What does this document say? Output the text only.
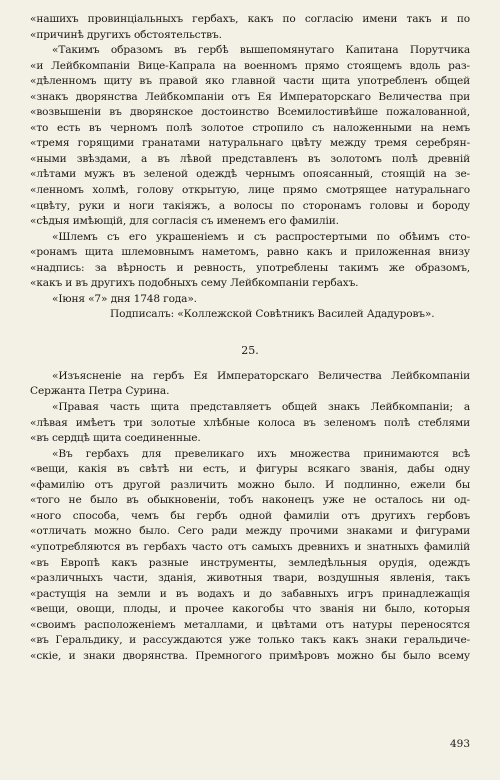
«нашихъ провинціальныхъ гербахъ, какъ по согласію имени такъ и по
«причинѣ другихъ обстоятельствъ.
«Такимъ образомъ въ гербѣ вышепомянутаго Капитана Порутчика
«и Лейбкомпаніи Вице-Капрала на военномъ прямо стоящемъ вдоль раз-
«дѣленномъ щиту въ правой яко главной части щита употребленъ общей
«знакъ дворянства Лейбкомпаніи отъ Ея Императорскаго Величества при
«возвышеніи въ дворянское достоинство Всемилостивѣйше пожалованной,
«то есть въ черномъ полѣ золотое стропило съ наложенными на немъ
«тремя горящими гранатами натуральнаго цвѣту между тремя серебрян-
«ными звѣздами, а въ лѣвой представленъ въ золотомъ полѣ древній
«лѣтами мужъ въ зеленой одеждѣ чернымъ опоясанный, стоящій на зе-
«ленномъ холмѣ, голову открытую, лице прямо смотрящее натуральнаго
«цвѣту, руки и ноги такіяжъ, а волосы по сторонамъ головы и бороду
«сѣдыя имѣющій, для согласія съ именемъ его фамиліи.
«Шлемъ съ его украшеніемъ и съ распростертыми по обѣимъ сто-
«ронамъ щита шлемовнымъ наметомъ, равно какъ и приложенная внизу
«надпись: за вѣрность и ревность, употреблены такимъ же образомъ,
«какъ и въ другихъ подобныхъ сему Лейбкомпаніи гербахъ.
«Іюня «7» дня 1748 года».
Подписалъ: «Коллежской Совѣтникъ Василей Ададуровъ».
25.
«Изъясненіе на гербъ Ея Императорскаго Величества Лейбкомпаніи
Сержанта Петра Сурина.
«Правая часть щита представляетъ общей знакъ Лейбкомпаніи; а
«лѣвая имѣетъ три золотые хлѣбные колоса въ зеленомъ полѣ стеблями
«въ сердцѣ щита соединенные.
«Въ гербахъ для превеликаго ихъ множества принимаются всѣ
«вещи, какія въ свѣтѣ ни есть, и фигуры всякаго званія, дабы одну
«фамилію отъ другой различить можно было. И подлинно, ежели бы
«того не было въ обыкновеніи, тобъ наконецъ уже не осталось ни од-
«ного способа, чемъ бы гербъ одной фамиліи отъ другихъ гербовъ
«отличать можно было. Сего ради между прочими знаками и фигурами
«употребляются въ гербахъ часто отъ самыхъ древнихъ и знатныхъ фамилій
«въ Европѣ какъ разные инструменты, земледѣльныя орудія, одеждъ
«различныхъ части, зданія, животныя твари, воздушныя явленія, такъ
«растущія на земли и въ водахъ и до забавныхъ игръ принадлежащія
«вещи, овощи, плоды, и прочее какогобы что званія ни было, которыя
«своимъ расположеніемъ металлами, и цвѣтами отъ натуры переносятся
«въ Геральдику, и рассуждаются уже только такъ какъ знаки геральдиче-
«скіе, и знаки дворянства. Премногого примѣровъ можно бы было всему
493
